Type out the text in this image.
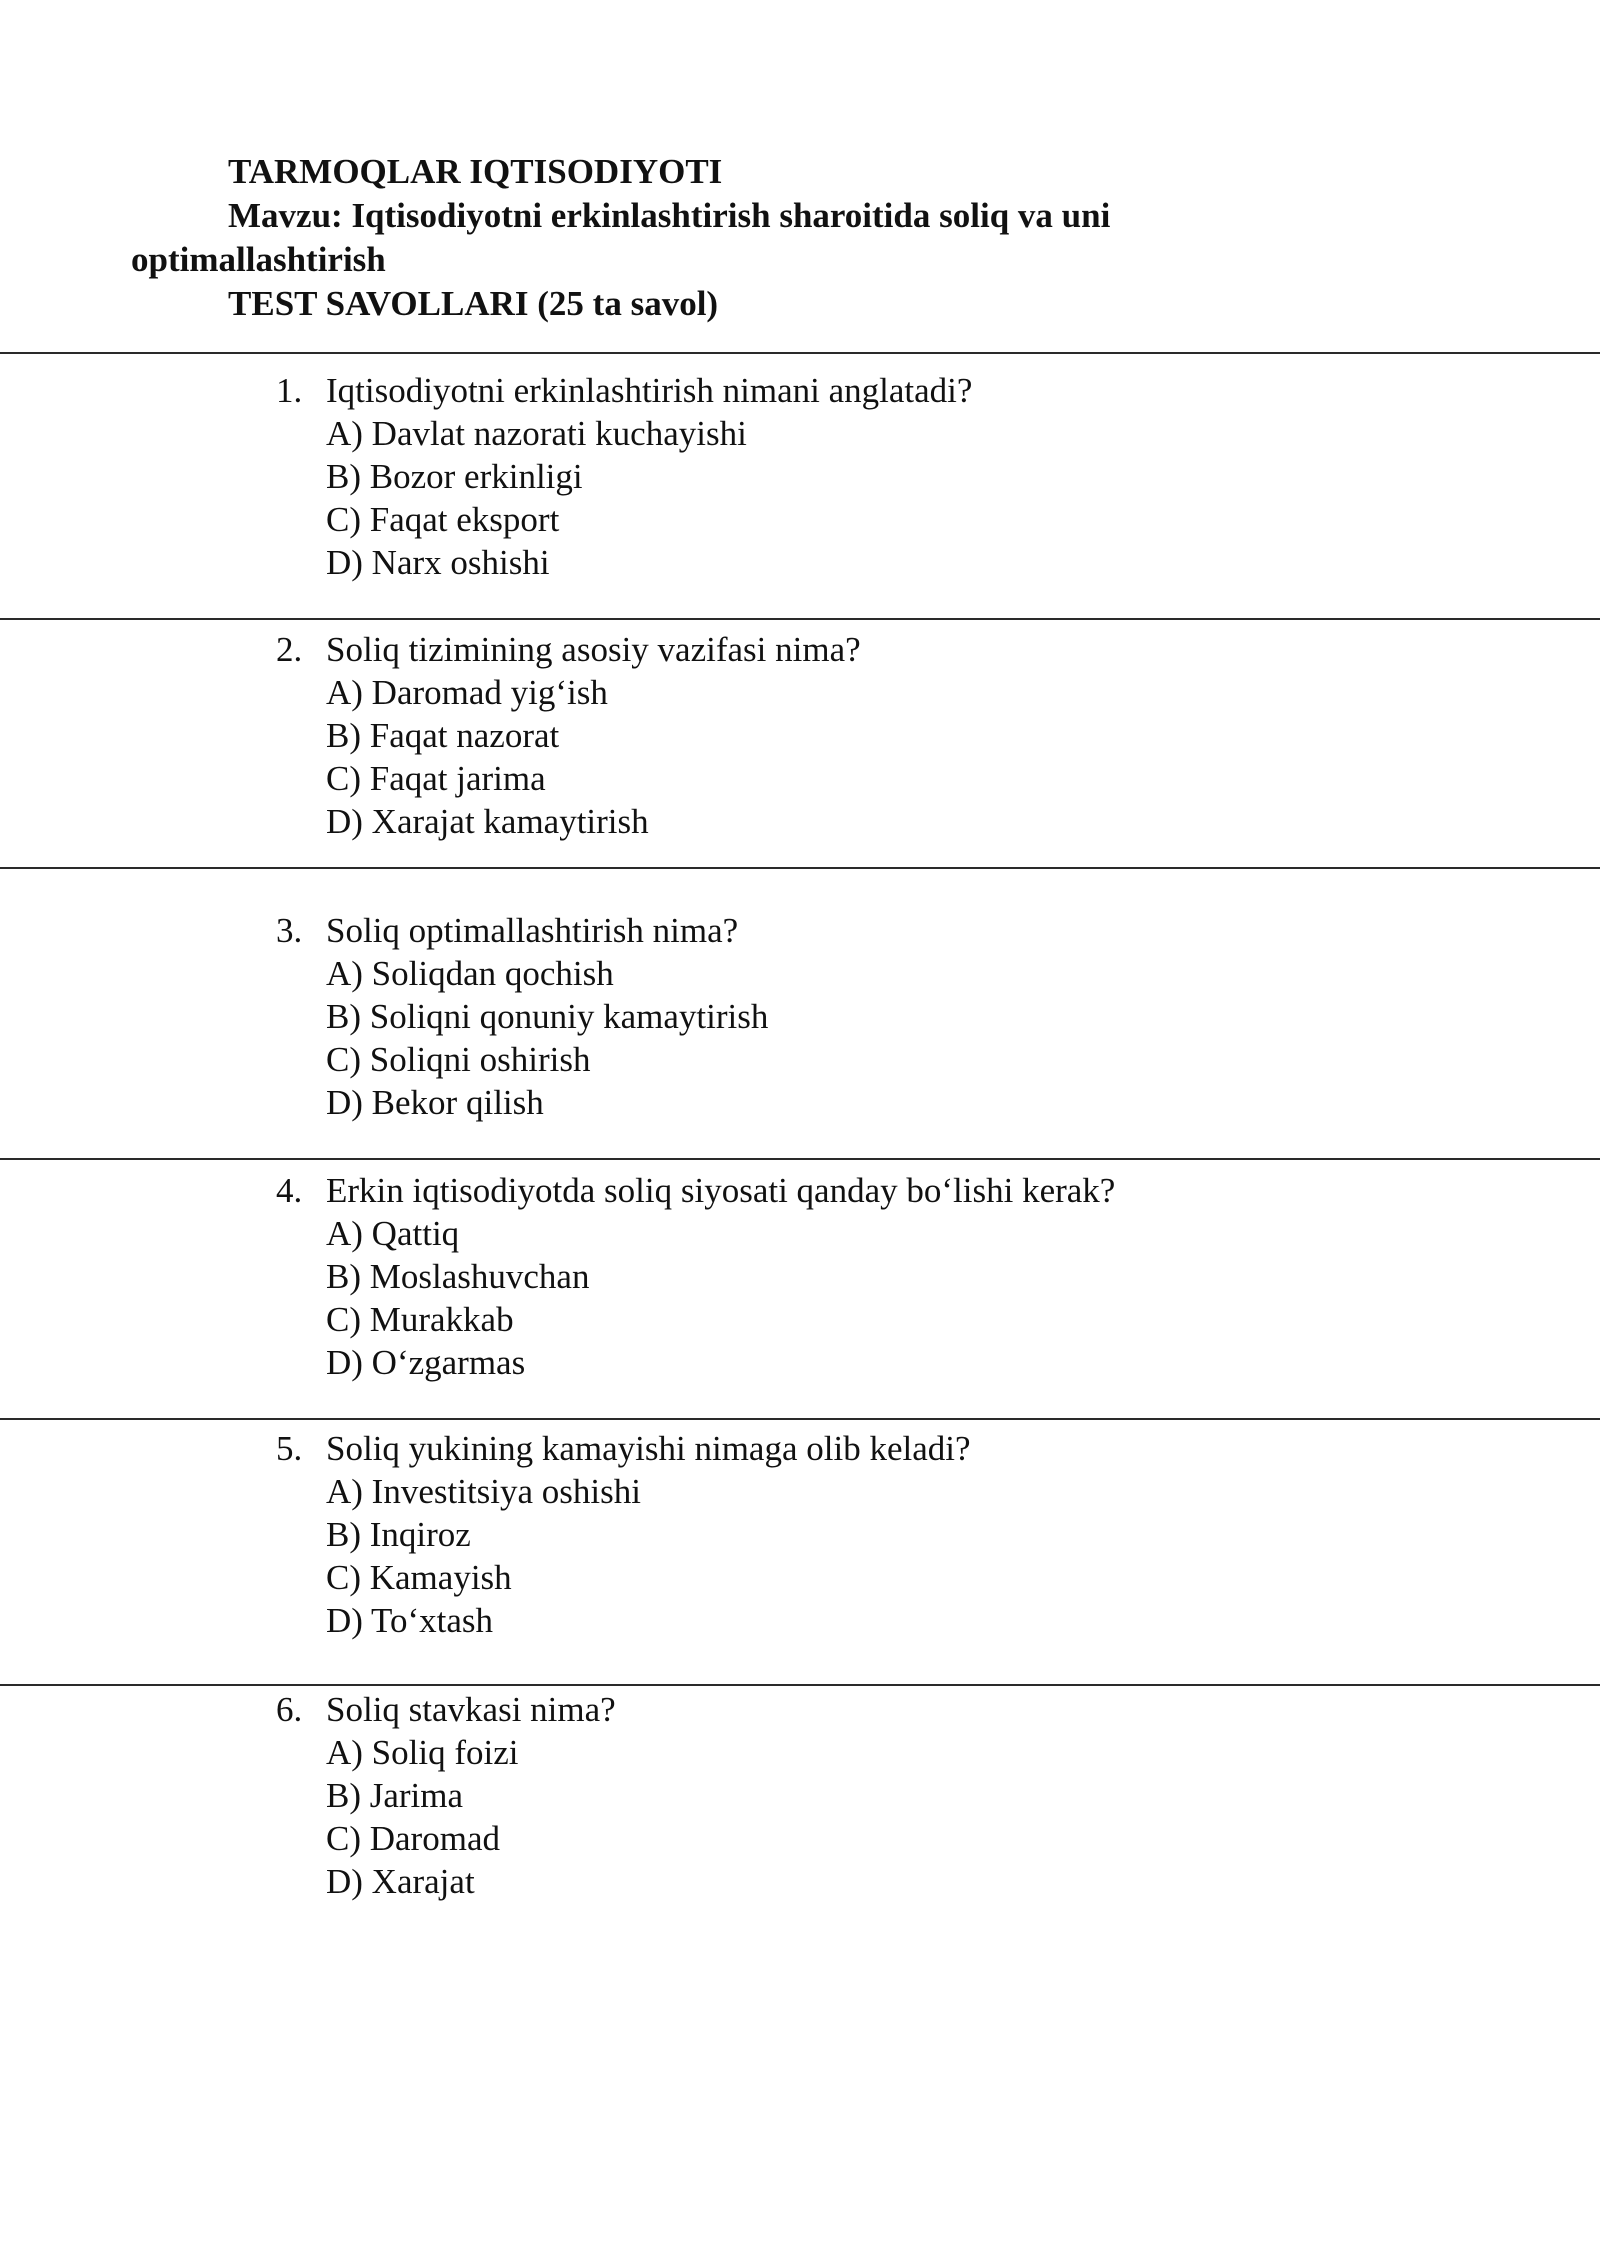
TARMOQLAR IQTISODIYOTI
Mavzu: Iqtisodiyotni erkinlashtirish sharoitida soliq va uni
optimallashtirish
TEST SAVOLLARI (25 ta savol)
1. Iqtisodiyotni erkinlashtirish nimani anglatadi?
A) Davlat nazorati kuchayishi
B) Bozor erkinligi
C) Faqat eksport
D) Narx oshishi
2. Soliq tizimining asosiy vazifasi nima?
A) Daromad yig‘ish
B) Faqat nazorat
C) Faqat jarima
D) Xarajat kamaytirish
3. Soliq optimallashtirish nima?
A) Soliqdan qochish
B) Soliqni qonuniy kamaytirish
C) Soliqni oshirish
D) Bekor qilish
4. Erkin iqtisodiyotda soliq siyosati qanday bo‘lishi kerak?
A) Qattiq
B) Moslashuvchan
C) Murakkab
D) O‘zgarmas
5. Soliq yukining kamayishi nimaga olib keladi?
A) Investitsiya oshishi
B) Inqiroz
C) Kamayish
D) To‘xtash
6. Soliq stavkasi nima?
A) Soliq foizi
B) Jarima
C) Daromad
D) Xarajat
